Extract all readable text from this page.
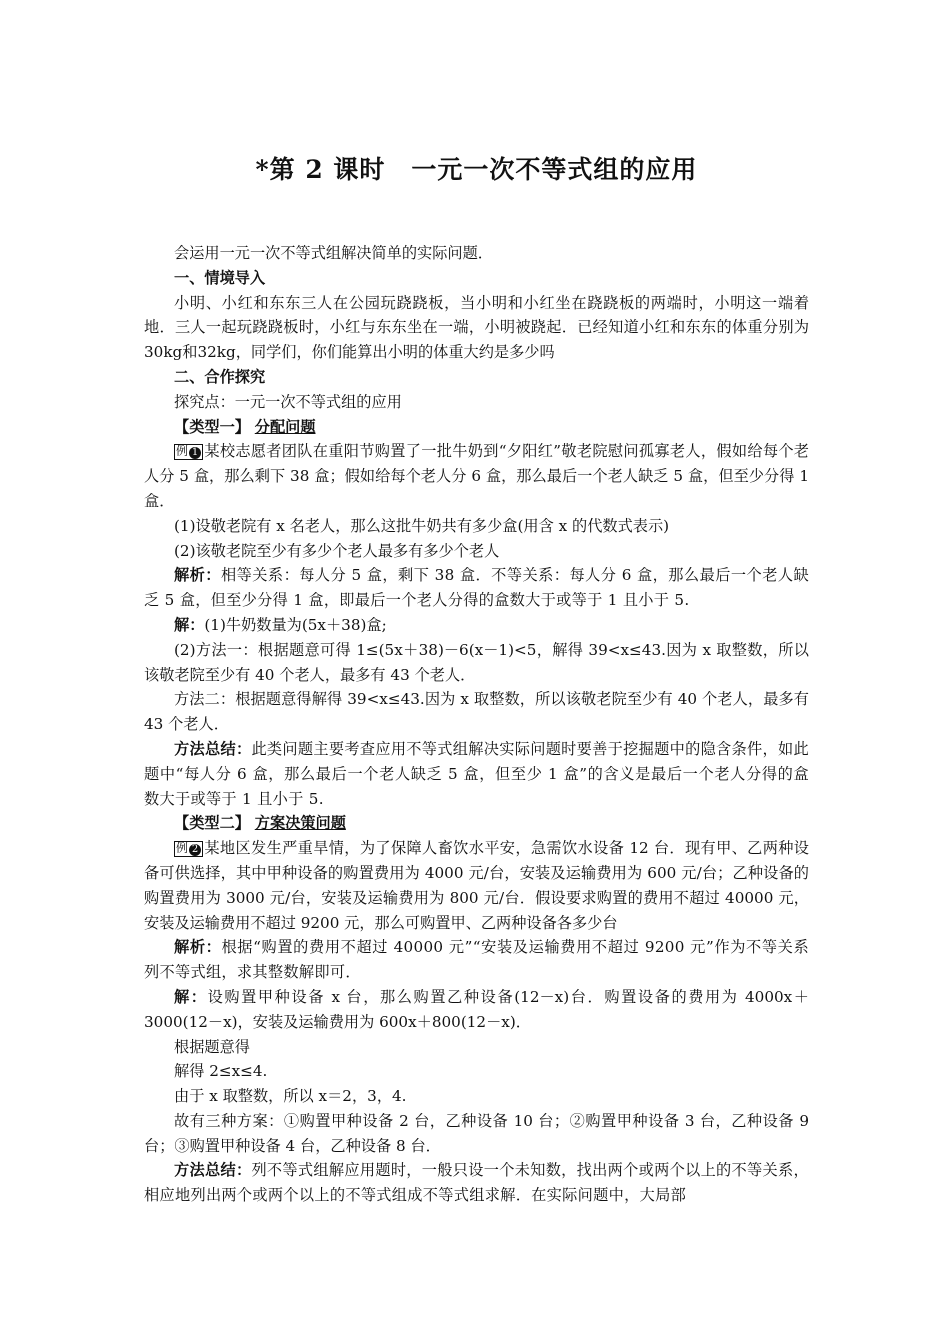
*第 2 课时　一元一次不等式组的应用

会运用一元一次不等式组解决简单的实际问题．

一、情境导入

小明、小红和东东三人在公园玩跷跷板，当小明和小红坐在跷跷板的两端时，小明这一端着地．三人一起玩跷跷板时，小红与东东坐在一端，小明被跷起．已经知道小红和东东的体重分别为30kg和32kg，同学们，你们能算出小明的体重大约是多少吗

二、合作探究

探究点：一元一次不等式组的应用

【类型一】 分配问题

例 1 某校志愿者团队在重阳节购置了一批牛奶到“夕阳红”敬老院慰问孤寡老人，假如给每个老人分 5 盒，那么剩下 38 盒；假如给每个老人分 6 盒，那么最后一个老人缺乏 5 盒，但至少分得 1 盒．

(1)设敬老院有 x 名老人，那么这批牛奶共有多少盒(用含 x 的代数式表示)

(2)该敬老院至少有多少个老人最多有多少个老人

解析：相等关系：每人分 5 盒，剩下 38 盒．不等关系：每人分 6 盒，那么最后一个老人缺乏 5 盒，但至少分得 1 盒，即最后一个老人分得的盒数大于或等于 1 且小于 5.

解：(1)牛奶数量为(5x＋38)盒;

(2)方法一：根据题意可得 1≤(5x＋38)－6(x－1)<5，解得 39<x≤43.因为 x 取整数，所以该敬老院至少有 40 个老人，最多有 43 个老人．

方法二：根据题意得解得 39<x≤43.因为 x 取整数，所以该敬老院至少有 40 个老人，最多有 43 个老人．

方法总结：此类问题主要考查应用不等式组解决实际问题时要善于挖掘题中的隐含条件，如此题中“每人分 6 盒，那么最后一个老人缺乏 5 盒，但至少 1 盒”的含义是最后一个老人分得的盒数大于或等于 1 且小于 5.

【类型二】 方案决策问题

例 2 某地区发生严重旱情，为了保障人畜饮水平安，急需饮水设备 12 台．现有甲、乙两种设备可供选择，其中甲种设备的购置费用为 4000 元/台，安装及运输费用为 600 元/台；乙种设备的购置费用为 3000 元/台，安装及运输费用为 800 元/台．假设要求购置的费用不超过 40000 元，安装及运输费用不超过 9200 元，那么可购置甲、乙两种设备各多少台

解析：根据“购置的费用不超过 40000 元”“安装及运输费用不超过 9200 元”作为不等关系列不等式组，求其整数解即可．

解：设购置甲种设备 x 台，那么购置乙种设备(12－x)台．购置设备的费用为 4000x＋3000(12－x)，安装及运输费用为 600x＋800(12－x)．

根据题意得

解得 2≤x≤4.

由于 x 取整数，所以 x＝2，3，4.

故有三种方案：①购置甲种设备 2 台，乙种设备 10 台；②购置甲种设备 3 台，乙种设备 9 台；③购置甲种设备 4 台，乙种设备 8 台．

方法总结：列不等式组解应用题时，一般只设一个未知数，找出两个或两个以上的不等关系，相应地列出两个或两个以上的不等式组成不等式组求解．在实际问题中，大局部
